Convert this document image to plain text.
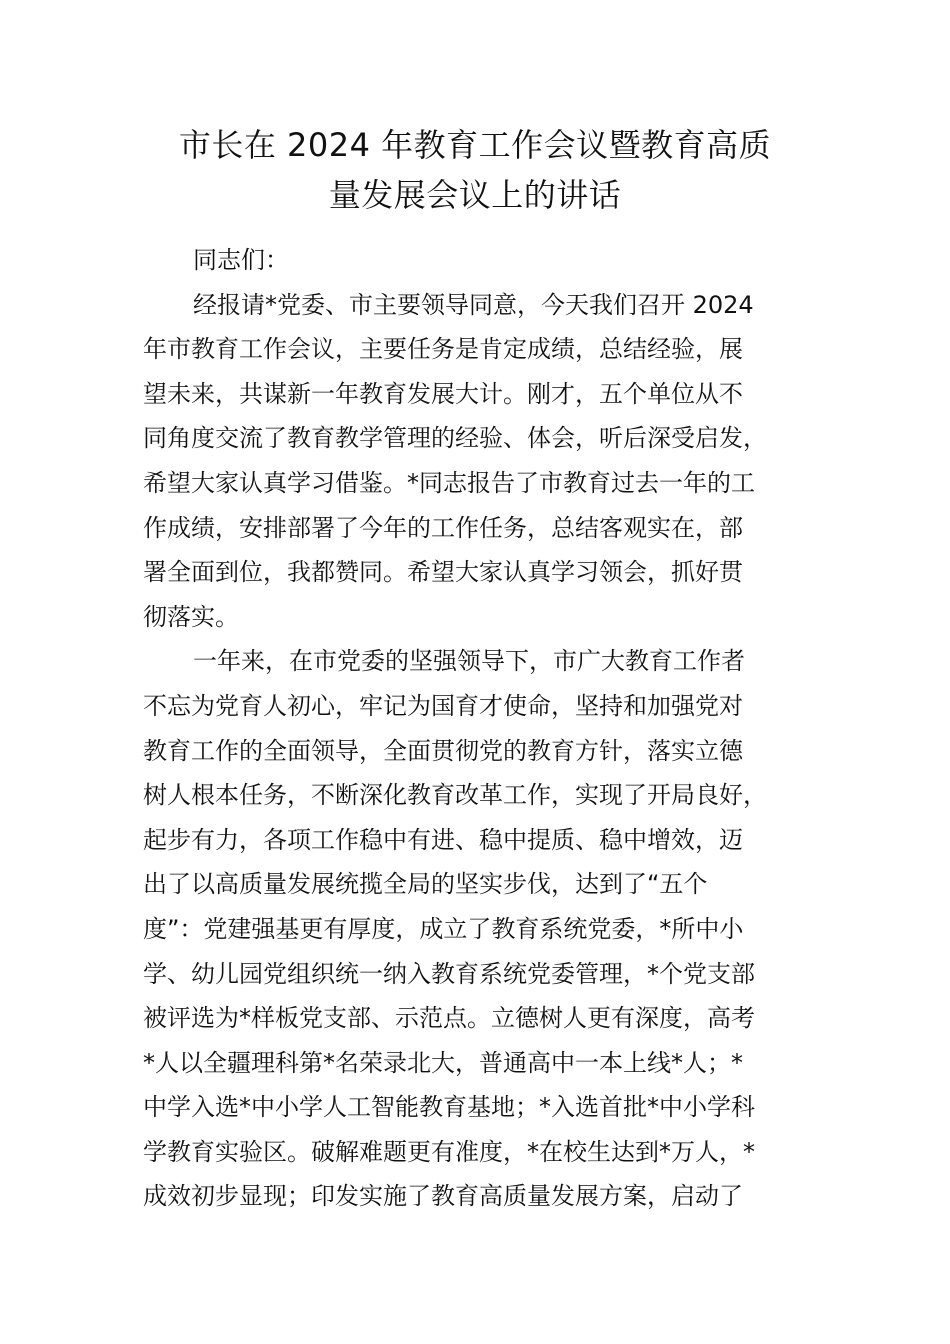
市长在 2024 年教育工作会议暨教育高质
量发展会议上的讲话
同志们：
经报请*党委、市主要领导同意，今天我们召开 2024
年市教育工作会议，主要任务是肯定成绩，总结经验，展
望未来，共谋新一年教育发展大计。刚才，五个单位从不
同角度交流了教育教学管理的经验、体会，听后深受启发，
希望大家认真学习借鉴。*同志报告了市教育过去一年的工
作成绩，安排部署了今年的工作任务，总结客观实在，部
署全面到位，我都赞同。希望大家认真学习领会，抓好贯
彻落实。
一年来，在市党委的坚强领导下，市广大教育工作者
不忘为党育人初心，牢记为国育才使命，坚持和加强党对
教育工作的全面领导，全面贯彻党的教育方针，落实立德
树人根本任务，不断深化教育改革工作，实现了开局良好，
起步有力，各项工作稳中有进、稳中提质、稳中增效，迈
出了以高质量发展统揽全局的坚实步伐，达到了“五个
度”：党建强基更有厚度，成立了教育系统党委，*所中小
学、幼儿园党组织统一纳入教育系统党委管理，*个党支部
被评选为*样板党支部、示范点。立德树人更有深度，高考
*人以全疆理科第*名荣录北大，普通高中一本上线*人；*
中学入选*中小学人工智能教育基地；*入选首批*中小学科
学教育实验区。破解难题更有准度，*在校生达到*万人，*
成效初步显现；印发实施了教育高质量发展方案，启动了
